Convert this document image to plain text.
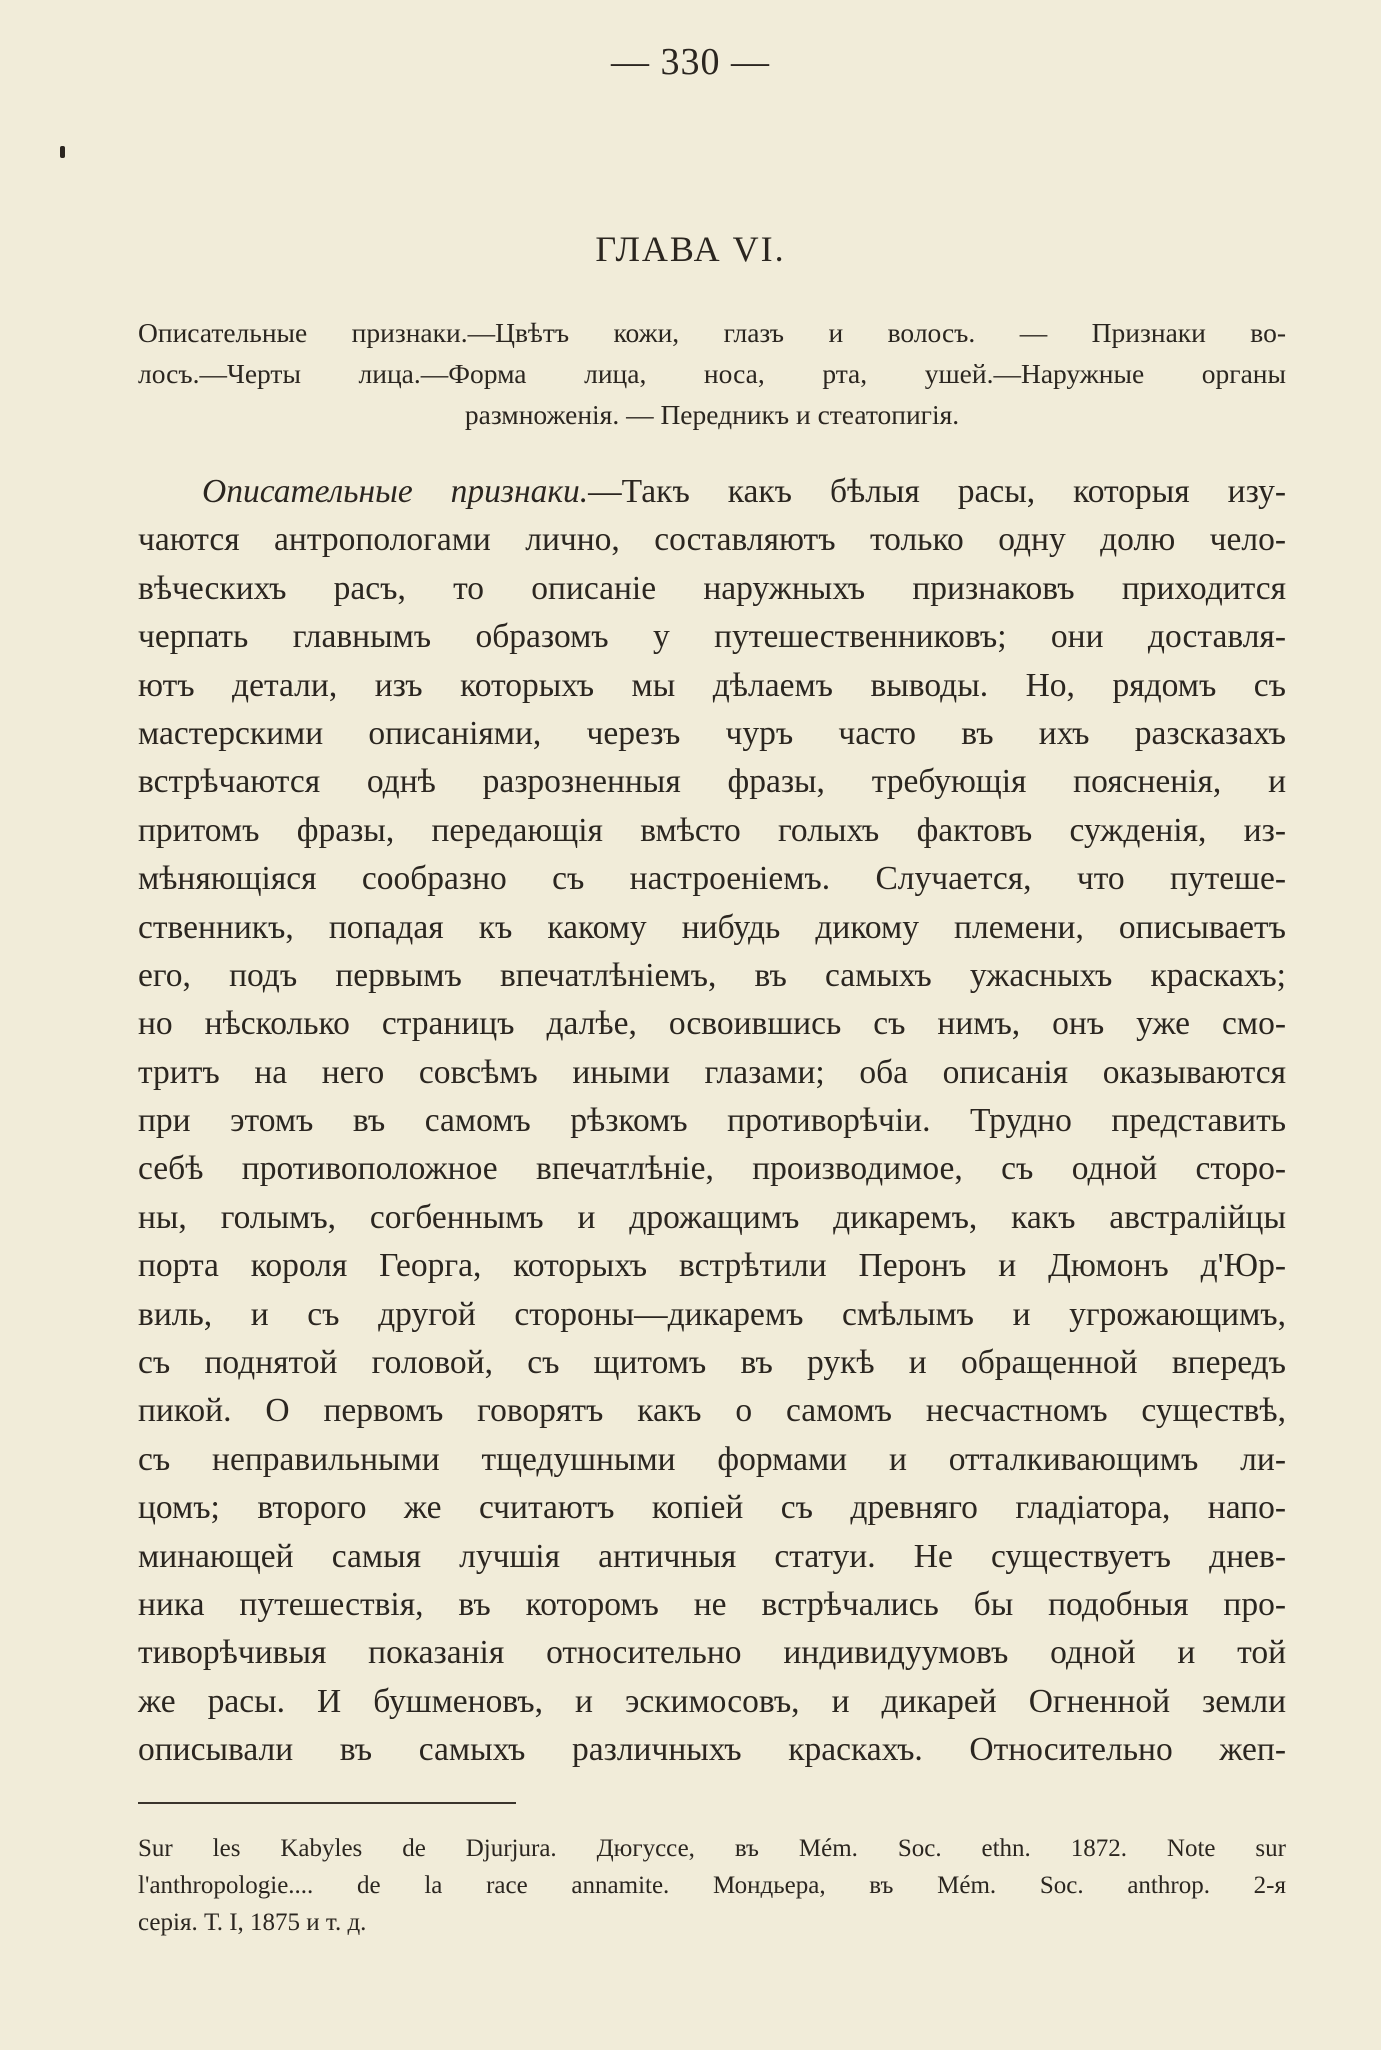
— 330 —
ГЛАВА VI.
Описательные признаки.—Цвѣтъ кожи, глазъ и волосъ. — Признаки во-
лосъ.—Черты лица.—Форма лица, носа, рта, ушей.—Наружные органы
размноженія. — Передникъ и стеатопигія.
Описательные признаки.—Такъ какъ бѣлыя расы, которыя изу-
чаются антропологами лично, составляютъ только одну долю чело-
вѣческихъ расъ, то описаніе наружныхъ признаковъ приходится
черпать главнымъ образомъ у путешественниковъ; они доставля-
ютъ детали, изъ которыхъ мы дѣлаемъ выводы. Но, рядомъ съ
мастерскими описаніями, черезъ чуръ часто въ ихъ разсказахъ
встрѣчаются однѣ разрозненныя фразы, требующія поясненія, и
притомъ фразы, передающія вмѣсто голыхъ фактовъ сужденія, из-
мѣняющіяся сообразно съ настроеніемъ. Случается, что путеше-
ственникъ, попадая къ какому нибудь дикому племени, описываетъ
его, подъ первымъ впечатлѣніемъ, въ самыхъ ужасныхъ краскахъ;
но нѣсколько страницъ далѣе, освоившись съ нимъ, онъ уже смо-
тритъ на него совсѣмъ иными глазами; оба описанія оказываются
при этомъ въ самомъ рѣзкомъ противорѣчіи. Трудно представить
себѣ противоположное впечатлѣніе, производимое, съ одной сторо-
ны, голымъ, согбеннымъ и дрожащимъ дикаремъ, какъ австралійцы
порта короля Георга, которыхъ встрѣтили Перонъ и Дюмонъ д'Юр-
виль, и съ другой стороны—дикаремъ смѣлымъ и угрожающимъ,
съ поднятой головой, съ щитомъ въ рукѣ и обращенной впередъ
пикой. О первомъ говорятъ какъ о самомъ несчастномъ существѣ,
съ неправильными тщедушными формами и отталкивающимъ ли-
цомъ; второго же считаютъ копіей съ древняго гладіатора, напо-
минающей самыя лучшія античныя статуи. Не существуетъ днев-
ника путешествія, въ которомъ не встрѣчались бы подобныя про-
тиворѣчивыя показанія относительно индивидуумовъ одной и той
же расы. И бушменовъ, и эскимосовъ, и дикарей Огненной земли
описывали въ самыхъ различныхъ краскахъ. Относительно жеп-
Sur les Kabyles de Djurjura. Дюгуссе, въ Mém. Soc. ethn. 1872. Note sur
l'anthropologie.... de la race annamite. Мондьера, въ Mém. Soc. anthrop. 2-я
серія. Т. I, 1875 и т. д.
